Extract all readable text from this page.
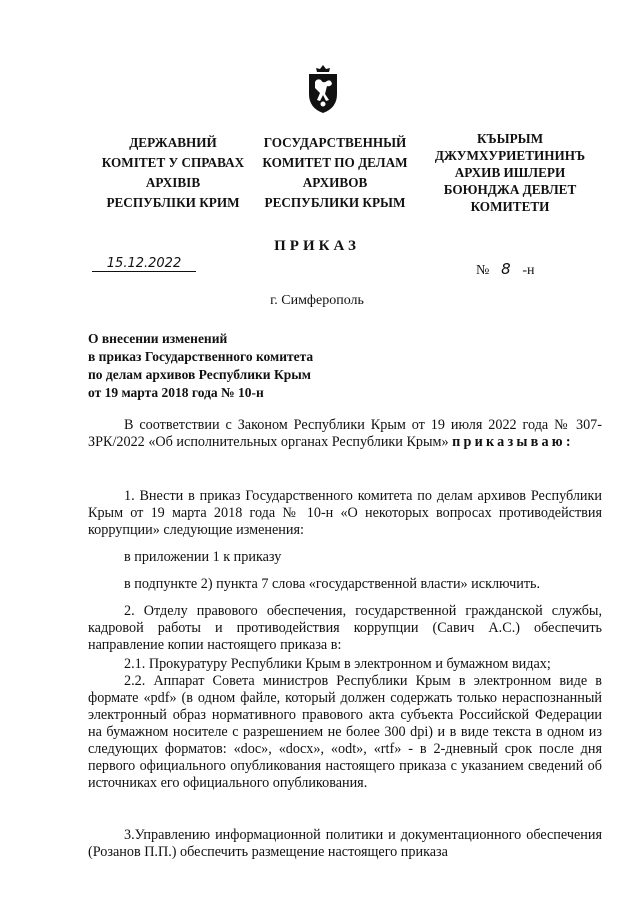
ДЕРЖАВНИЙ
КОМІТЕТ У СПРАВАХ
АРХІВІВ
РЕСПУБЛІКИ КРИМ
ГОСУДАРСТВЕННЫЙ
КОМИТЕТ ПО ДЕЛАМ
АРХИВОВ
РЕСПУБЛИКИ КРЫМ
КЪЫРЫМ
ДЖУМХУРИЕТИНИНЪ
АРХИВ ИШЛЕРИ
БОЮНДЖА ДЕВЛЕТ
КОМИТЕТИ
ПРИКАЗ
15.12.2022	№ 8 -н
г. Симферополь
О внесении изменений
в приказ Государственного комитета
по делам архивов Республики Крым
от 19 марта 2018 года № 10-н
В соответствии с Законом Республики Крым от 19 июля 2022 года № 307-ЗРК/2022 «Об исполнительных органах Республики Крым» приказываю:
1. Внести в приказ Государственного комитета по делам архивов Республики Крым от 19 марта 2018 года № 10-н «О некоторых вопросах противодействия коррупции» следующие изменения:
в приложении 1 к приказу
в подпункте 2) пункта 7 слова «государственной власти» исключить.
2. Отделу правового обеспечения, государственной гражданской службы, кадровой работы и противодействия коррупции (Савич А.С.) обеспечить направление копии настоящего приказа в:
2.1. Прокуратуру Республики Крым в электронном и бумажном видах;
2.2. Аппарат Совета министров Республики Крым в электронном виде в формате «pdf» (в одном файле, который должен содержать только нераспознанный электронный образ нормативного правового акта субъекта Российской Федерации на бумажном носителе с разрешением не более 300 dpi) и в виде текста в одном из следующих форматов: «doc», «docx», «odt», «rtf» - в 2-дневный срок после дня первого официального опубликования настоящего приказа с указанием сведений об источниках его официального опубликования.
3.Управлению информационной политики и документационного обеспечения (Розанов П.П.) обеспечить размещение настоящего приказа
